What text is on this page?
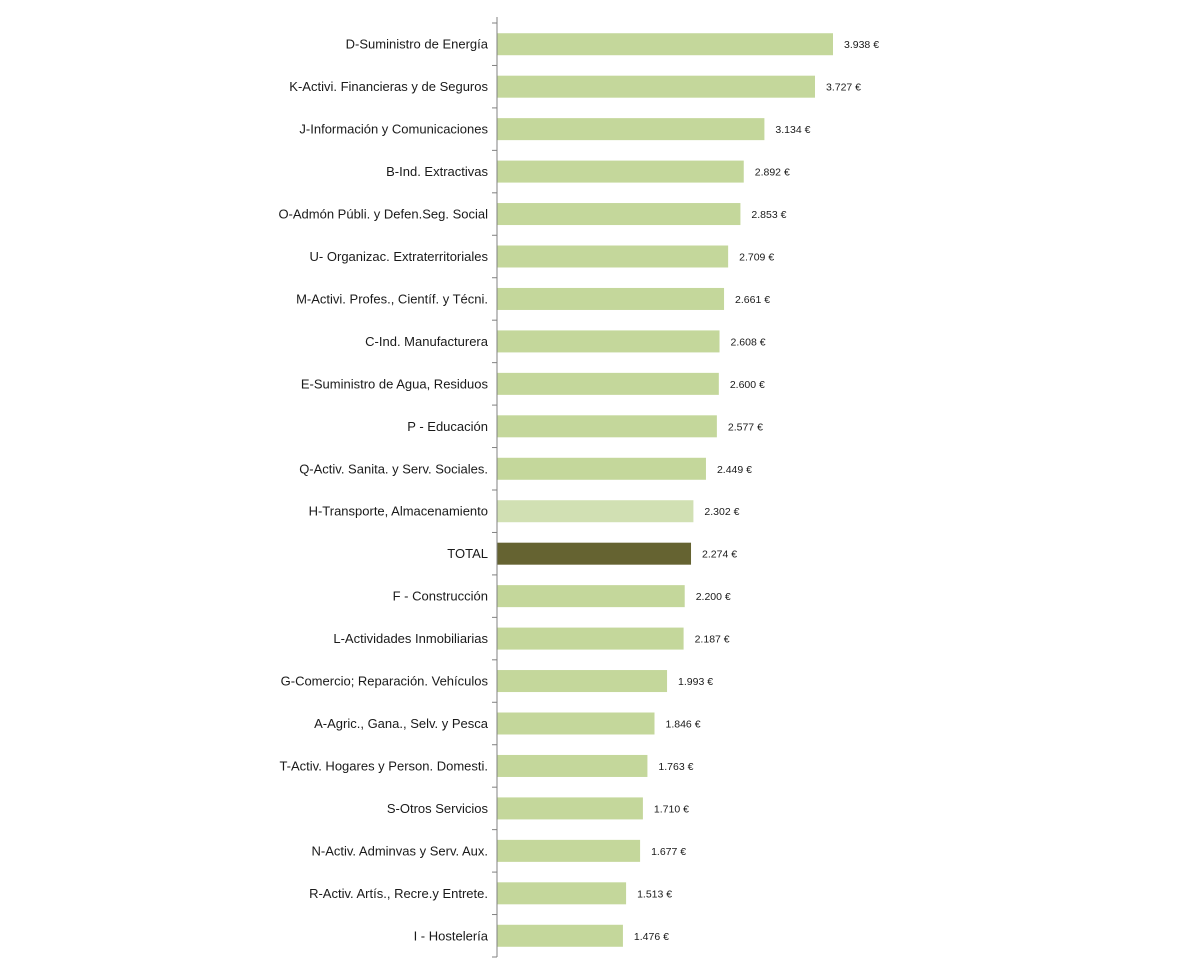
D-Suministro de Energía
K-Activi. Financieras y de Seguros
J-Información y Comunicaciones
B-Ind. Extractivas
O-Admón Públi. y Defen.Seg. Social
U- Organizac. Extraterritoriales
M-Activi. Profes., Científ. y Técni.
C-Ind. Manufacturera
E-Suministro de Agua, Residuos
P - Educación
Q-Activ. Sanita. y Serv. Sociales.
H-Transporte, Almacenamiento
TOTAL
F - Construcción
L-Actividades Inmobiliarias
G-Comercio; Reparación. Vehículos
A-Agric., Gana., Selv. y Pesca
T-Activ. Hogares y Person. Domesti.
S-Otros Servicios
N-Activ. Adminvas y Serv. Aux.
R-Activ. Artís., Recre.y Entrete.
I - Hostelería
3.938 €
3.727 €
3.134 €
2.892 €
2.853 €
2.709 €
2.661 €
2.608 €
2.600 €
2.577 €
2.449 €
2.302 €
2.274 €
2.200 €
2.187 €
1.993 €
1.846 €
1.763 €
1.710 €
1.677 €
1.513 €
1.476 €
